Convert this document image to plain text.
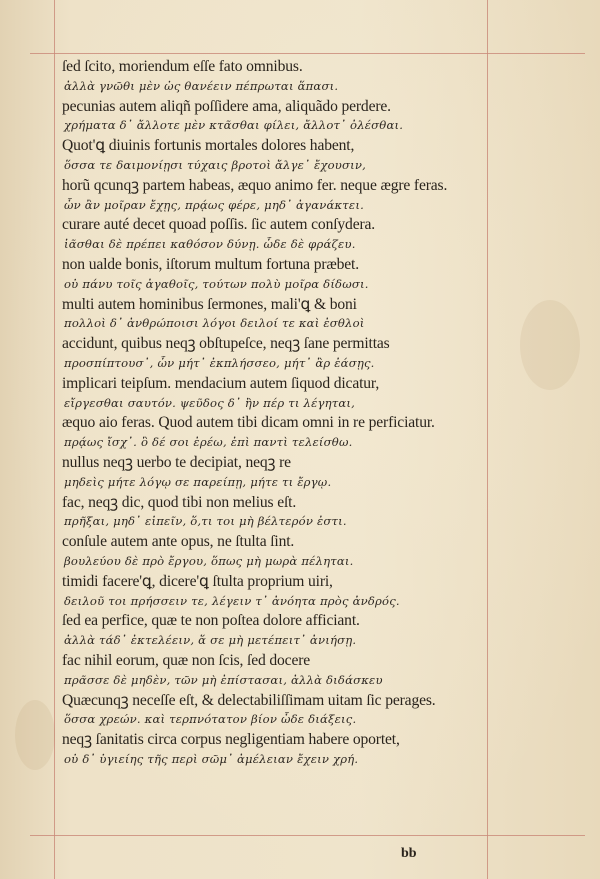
ſed ſcito, moriendum eſſe fato omnibus.
ἀλλὰ γνῶθι μὲν ὡς θανέειν πέπρωται ἅπασι.
pecunias autem aliqñ poſſidere ama, aliquãdo perdere.
χρήματα δ᾽ ἄλλοτε μὲν κτᾶσθαι φίλει, ἄλλοτ᾽ ὀλέσθαι.
Quot'ꝗ diuinis fortunis mortales dolores habent,
ὅσσα τε δαιμονίῃσι τύχαις βροτοὶ ἄλγε᾽ ἔχουσιν,
horũ qcunqꝫ partem habeas, æquo animo fer. neque ægre feras.
ὧν ἂν μοῖραν ἔχῃς, πρᾴως φέρε, μηδ᾽ ἀγανάκτει.
curare auté decet quoad poſſis. ſic autem conſydera.
ἰᾶσθαι δὲ πρέπει καθόσον δύνῃ. ὧδε δὲ φράζευ.
non ualde bonis, iſtorum multum fortuna præbet.
οὐ πάνυ τοῖς ἀγαθοῖς, τούτων πολὺ μοῖρα δίδωσι.
multi autem hominibus ſermones, mali'ꝗ & boni
πολλοὶ δ᾽ ἀνθρώποισι λόγοι δειλοί τε καὶ ἐσθλοὶ
accidunt, quibus neqꝫ obſtupeſce, neqꝫ ſane permittas
προσπίπτουσ᾽, ὧν μήτ᾽ ἐκπλήσσεο, μήτ᾽ ἂρ ἐάσῃς.
implicari teipſum. mendacium autem ſiquod dicatur,
εἴργεσθαι σαυτόν. ψεῦδος δ᾽ ἢν πέρ τι λέγηται,
æquo aio feras. Quod autem tibi dicam omni in re perficiatur.
πρᾴως ἴσχ᾽. ὃ δέ σοι ἐρέω, ἐπὶ παντὶ τελείσθω.
nullus neqꝫ uerbo te decipiat, neqꝫ re
μηδεὶς μήτε λόγῳ σε παρείπῃ, μήτε τι ἔργῳ.
fac, neqꝫ dic, quod tibi non melius eſt.
πρῆξαι, μηδ᾽ εἰπεῖν, ὅ,τι τοι μὴ βέλτερόν ἐστι.
conſule autem ante opus, ne ſtulta ſint.
βουλεύου δὲ πρὸ ἔργου, ὅπως μὴ μωρὰ πέληται.
timidi facere'ꝗ, dicere'ꝗ ſtulta proprium uiri,
δειλοῦ τοι πρήσσειν τε, λέγειν τ᾽ ἀνόητα πρὸς ἀνδρός.
ſed ea perfice, quæ te non poſtea dolore afficiant.
ἀλλὰ τάδ᾽ ἐκτελέειν, ἅ σε μὴ μετέπειτ᾽ ἀνιήσῃ.
fac nihil eorum, quæ non ſcis, ſed docere
πρᾶσσε δὲ μηδὲν, τῶν μὴ ἐπίστασαι, ἀλλὰ διδάσκευ
Quæcunqꝫ neceſſe eſt, & delectabiliſſimam uitam ſic perages.
ὅσσα χρεών. καὶ τερπνότατον βίον ὧδε διάξεις.
neqꝫ ſanitatis circa corpus negligentiam habere oportet,
οὐ δ᾽ ὑγιείης τῆς περὶ σῶμ᾽ ἀμέλειαν ἔχειν χρή.
bb
